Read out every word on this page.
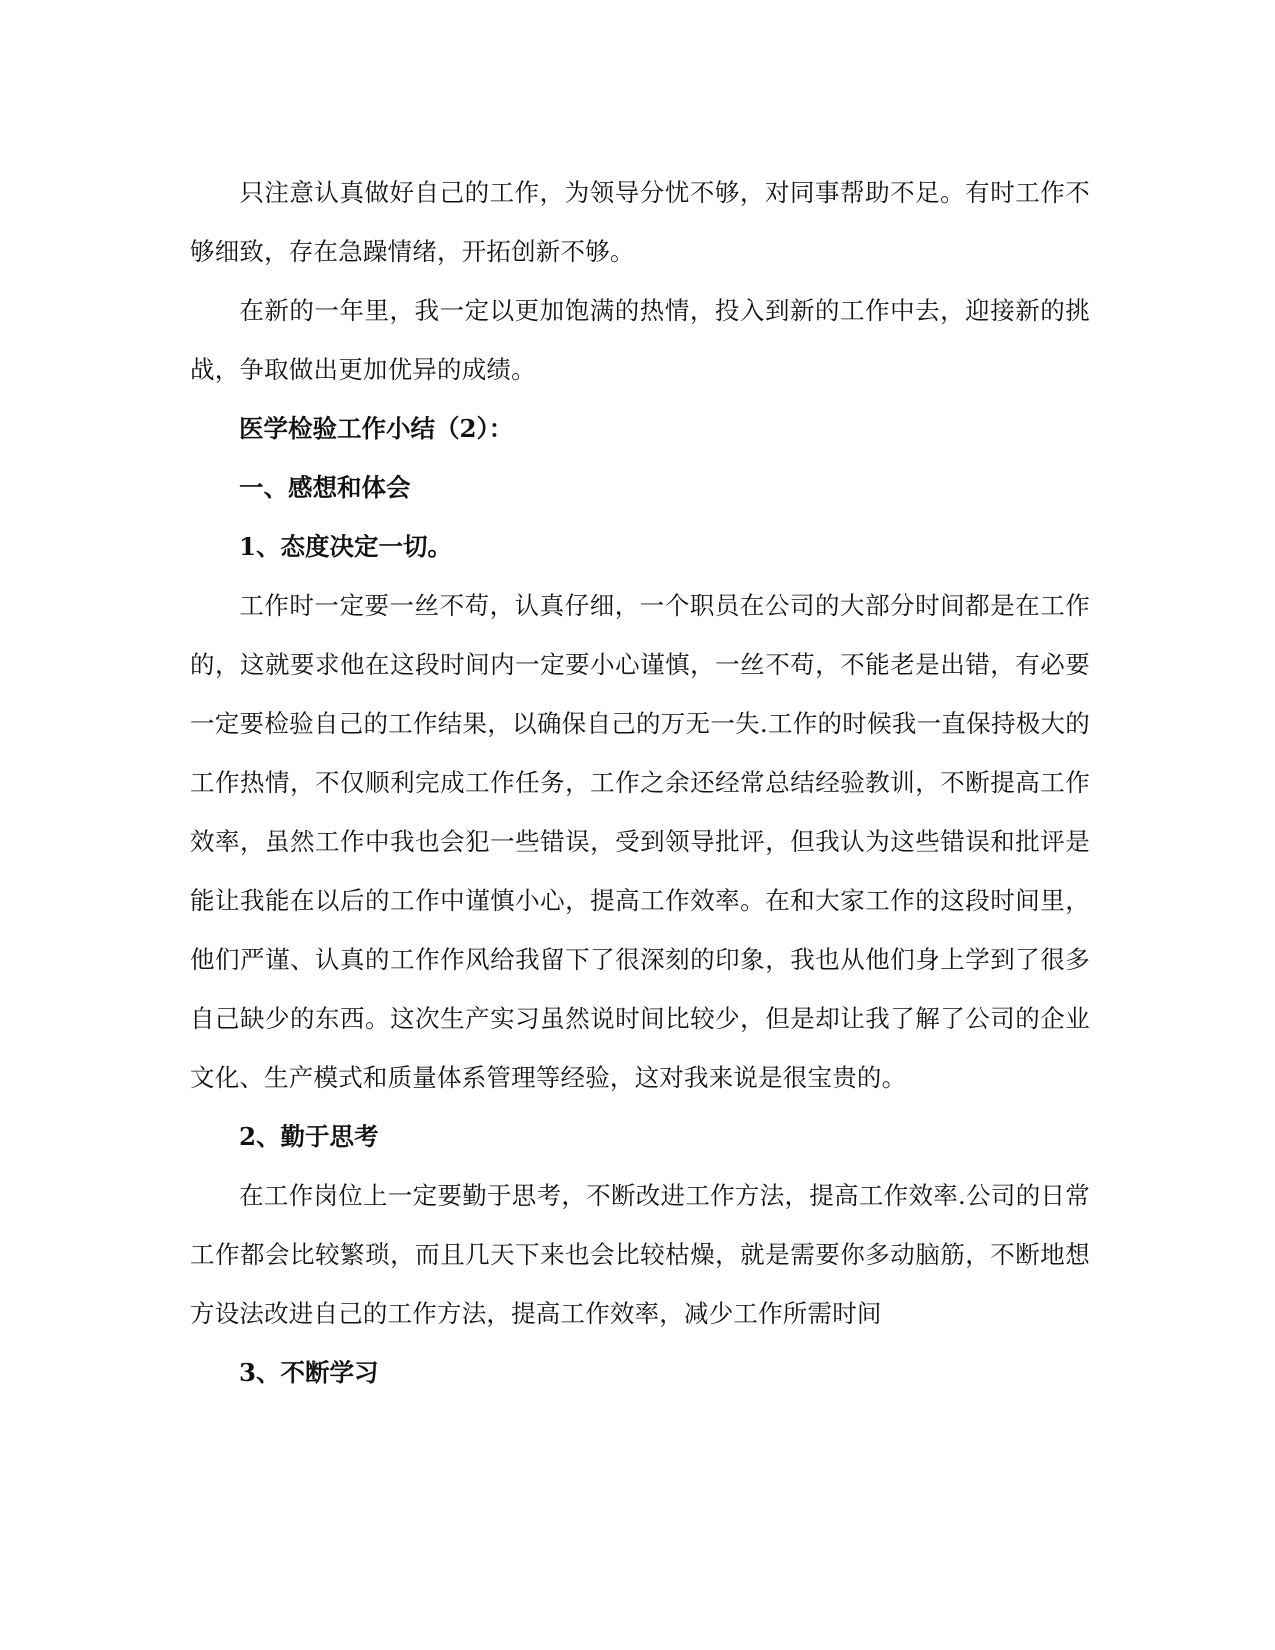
只注意认真做好自己的工作，为领导分忧不够，对同事帮助不足。有时工作不够细致，存在急躁情绪，开拓创新不够。

在新的一年里，我一定以更加饱满的热情，投入到新的工作中去，迎接新的挑战，争取做出更加优异的成绩。

医学检验工作小结（2）：

一、感想和体会

1、态度决定一切。

工作时一定要一丝不苟，认真仔细，一个职员在公司的大部分时间都是在工作的，这就要求他在这段时间内一定要小心谨慎，一丝不苟，不能老是出错，有必要一定要检验自己的工作结果，以确保自己的万无一失.工作的时候我一直保持极大的工作热情，不仅顺利完成工作任务，工作之余还经常总结经验教训，不断提高工作效率，虽然工作中我也会犯一些错误，受到领导批评，但我认为这些错误和批评是能让我能在以后的工作中谨慎小心，提高工作效率。在和大家工作的这段时间里，他们严谨、认真的工作作风给我留下了很深刻的印象，我也从他们身上学到了很多自己缺少的东西。这次生产实习虽然说时间比较少，但是却让我了解了公司的企业文化、生产模式和质量体系管理等经验，这对我来说是很宝贵的。

2、勤于思考

在工作岗位上一定要勤于思考，不断改进工作方法，提高工作效率.公司的日常工作都会比较繁琐，而且几天下来也会比较枯燥，就是需要你多动脑筋，不断地想方设法改进自己的工作方法，提高工作效率，减少工作所需时间

3、不断学习
